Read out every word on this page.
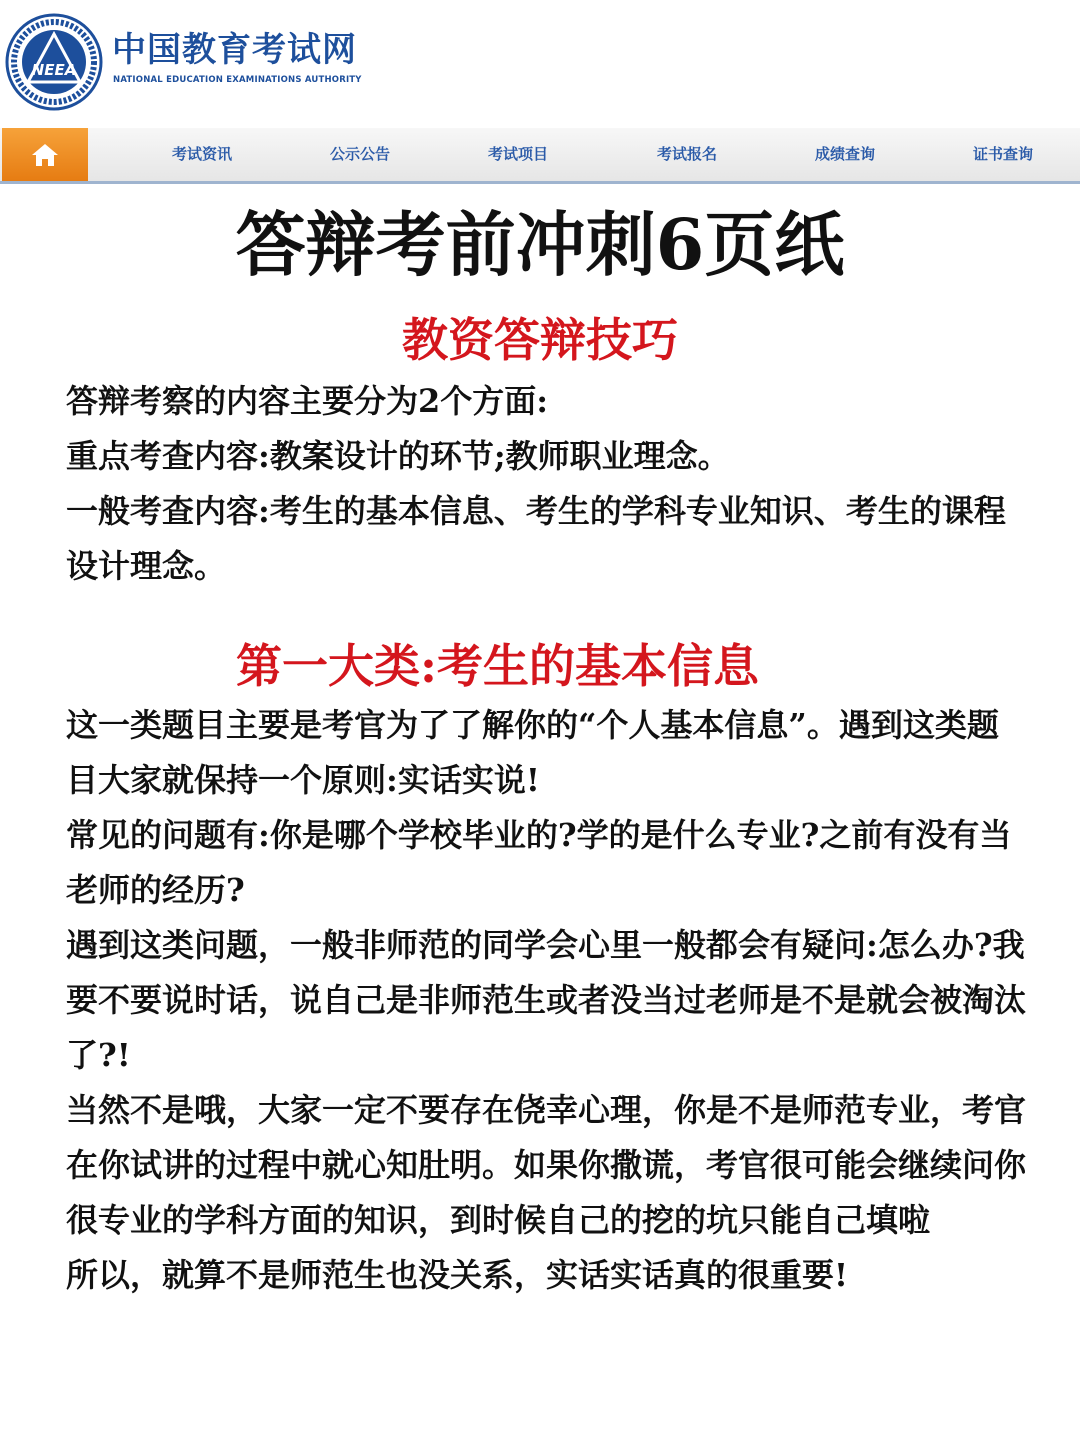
NEEA 中国教育考试网
NATIONAL EDUCATION EXAMINATIONS AUTHORITY
考试资讯	公示公告	考试项目	考试报名	成绩查询	证书查询
答辩考前冲刺6页纸
教资答辩技巧

答辩考察的内容主要分为2个方面:

重点考查内容:教案设计的环节;教师职业理念。

一般考查内容:考生的基本信息、考生的学科专业知识、考生的课程设计理念。

第一大类:考生的基本信息

这一类题目主要是考官为了了解你的“个人基本信息”。遇到这类题目大家就保持一个原则:实话实说!

常见的问题有:你是哪个学校毕业的?学的是什么专业?之前有没有当老师的经历?

遇到这类问题，一般非师范的同学会心里一般都会有疑问:怎么办?我要不要说时话，说自己是非师范生或者没当过老师是不是就会被淘汰了?!

当然不是哦，大家一定不要存在侥幸心理，你是不是师范专业，考官在你试讲的过程中就心知肚明。如果你撒谎，考官很可能会继续问你很专业的学科方面的知识，到时候自己的挖的坑只能自己填啦

所以，就算不是师范生也没关系，实话实话真的很重要!
